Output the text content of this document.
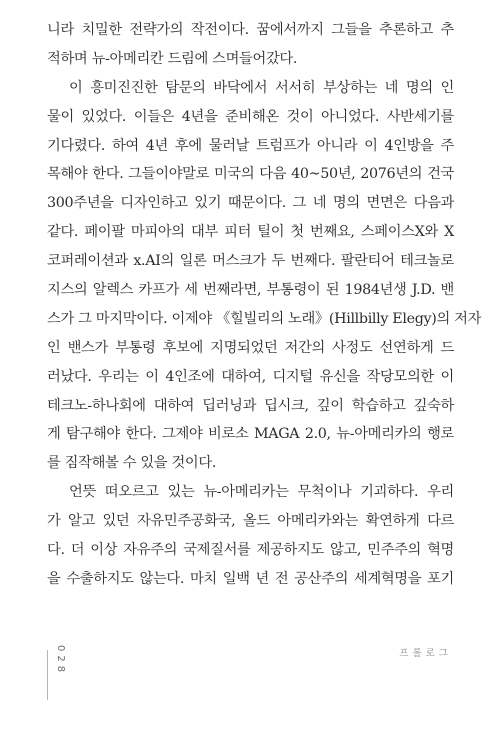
니라 치밀한 전략가의 작전이다. 꿈에서까지 그들을 추론하고 추
적하며 뉴-아메리칸 드림에 스며들어갔다.
이 흥미진진한 탐문의 바닥에서 서서히 부상하는 네 명의 인
물이 있었다. 이들은 4년을 준비해온 것이 아니었다. 사반세기를
기다렸다. 하여 4년 후에 물러날 트럼프가 아니라 이 4인방을 주
목해야 한다. 그들이야말로 미국의 다음 40~50년, 2076년의 건국
300주년을 디자인하고 있기 때문이다. 그 네 명의 면면은 다음과
같다. 페이팔 마피아의 대부 피터 틸이 첫 번째요, 스페이스X와 X
코퍼레이션과 x.AI의 일론 머스크가 두 번째다. 팔란티어 테크놀로
지스의 알렉스 카프가 세 번째라면, 부통령이 된 1984년생 J.D. 밴
스가 그 마지막이다. 이제야 《힐빌리의 노래》(Hillbilly Elegy)의 저자
인 밴스가 부통령 후보에 지명되었던 저간의 사정도 선연하게 드
러났다. 우리는 이 4인조에 대하여, 디지털 유신을 작당모의한 이
테크노-하나회에 대하여 딥러닝과 딥시크, 깊이 학습하고 깊숙하
게 탐구해야 한다. 그제야 비로소 MAGA 2.0, 뉴-아메리카의 행로
를 짐작해볼 수 있을 것이다.
언뜻 떠오르고 있는 뉴-아메리카는 무척이나 기괴하다. 우리
가 알고 있던 자유민주공화국, 올드 아메리카와는 확연하게 다르
다. 더 이상 자유주의 국제질서를 제공하지도 않고, 민주주의 혁명
을 수출하지도 않는다. 마치 일백 년 전 공산주의 세계혁명을 포기
028	프롤로그
